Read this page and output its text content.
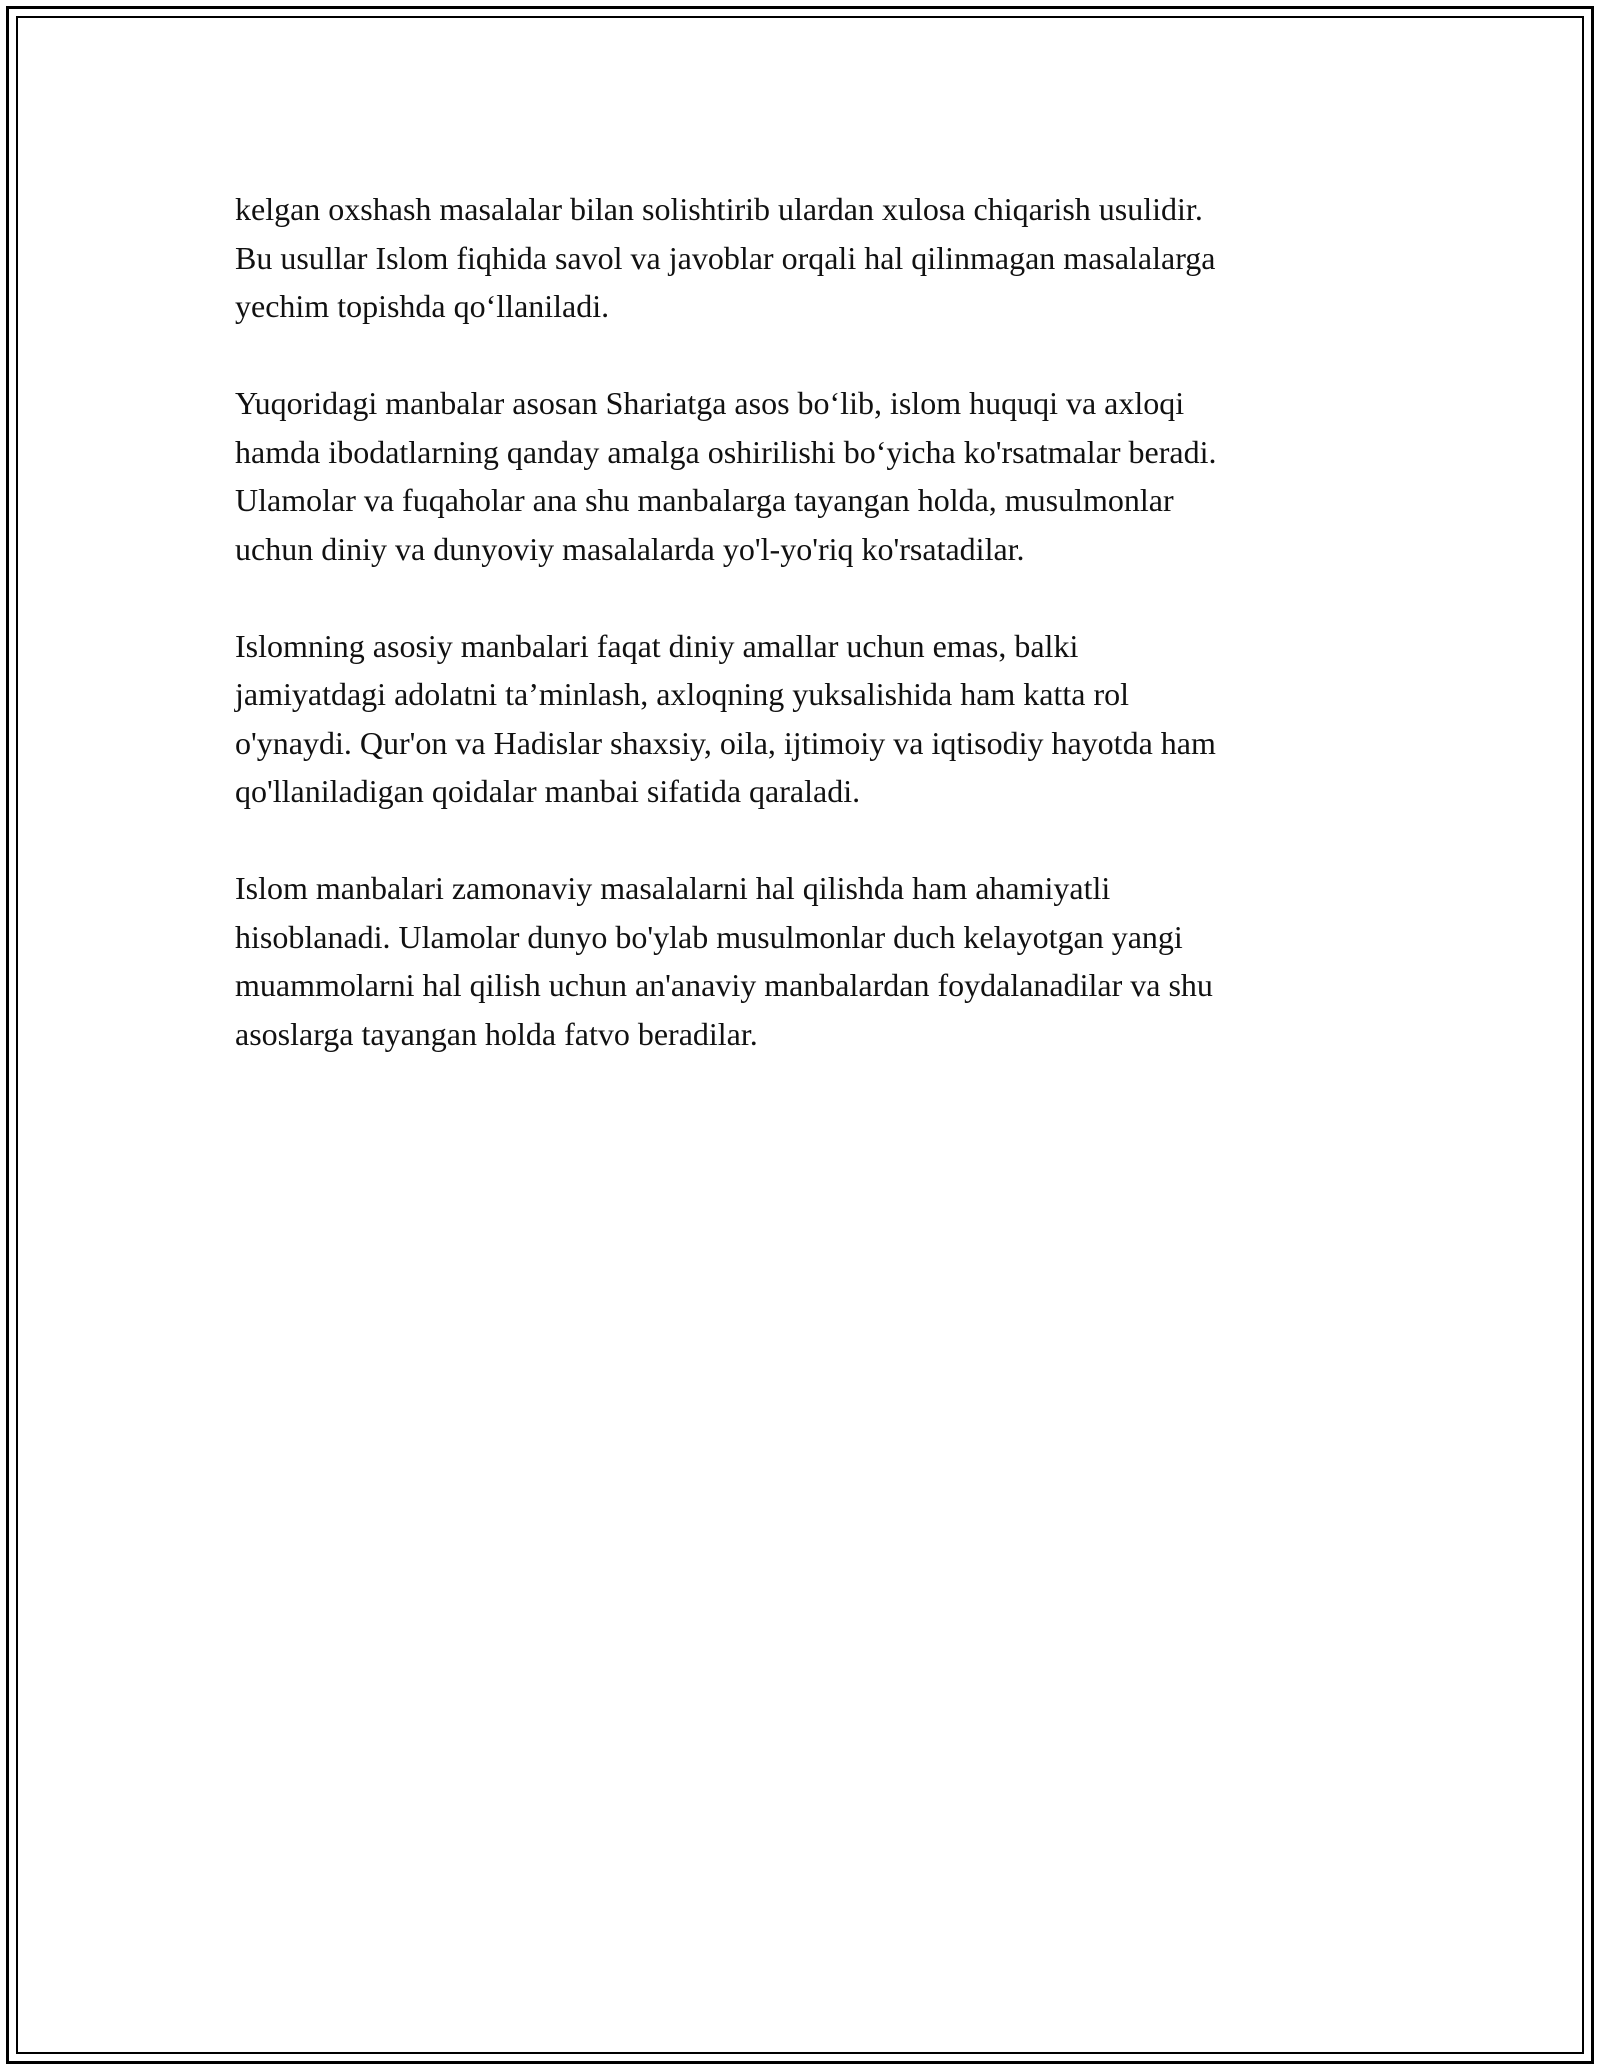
kelgan oxshash masalalar bilan solishtirib ulardan xulosa chiqarish usulidir.
Bu usullar Islom fiqhida savol va javoblar orqali hal qilinmagan masalalarga
yechim topishda qo‘llaniladi.

Yuqoridagi manbalar asosan Shariatga asos bo‘lib, islom huquqi va axloqi
hamda ibodatlarning qanday amalga oshirilishi bo‘yicha ko'rsatmalar beradi.
Ulamolar va fuqaholar ana shu manbalarga tayangan holda, musulmonlar
uchun diniy va dunyoviy masalalarda yo'l-yo'riq ko'rsatadilar.

Islomning asosiy manbalari faqat diniy amallar uchun emas, balki
jamiyatdagi adolatni ta’minlash, axloqning yuksalishida ham katta rol
o'ynaydi. Qur'on va Hadislar shaxsiy, oila, ijtimoiy va iqtisodiy hayotda ham
qo'llaniladigan qoidalar manbai sifatida qaraladi.

Islom manbalari zamonaviy masalalarni hal qilishda ham ahamiyatli
hisoblanadi. Ulamolar dunyo bo'ylab musulmonlar duch kelayotgan yangi
muammolarni hal qilish uchun an'anaviy manbalardan foydalanadilar va shu
asoslarga tayangan holda fatvo beradilar.
